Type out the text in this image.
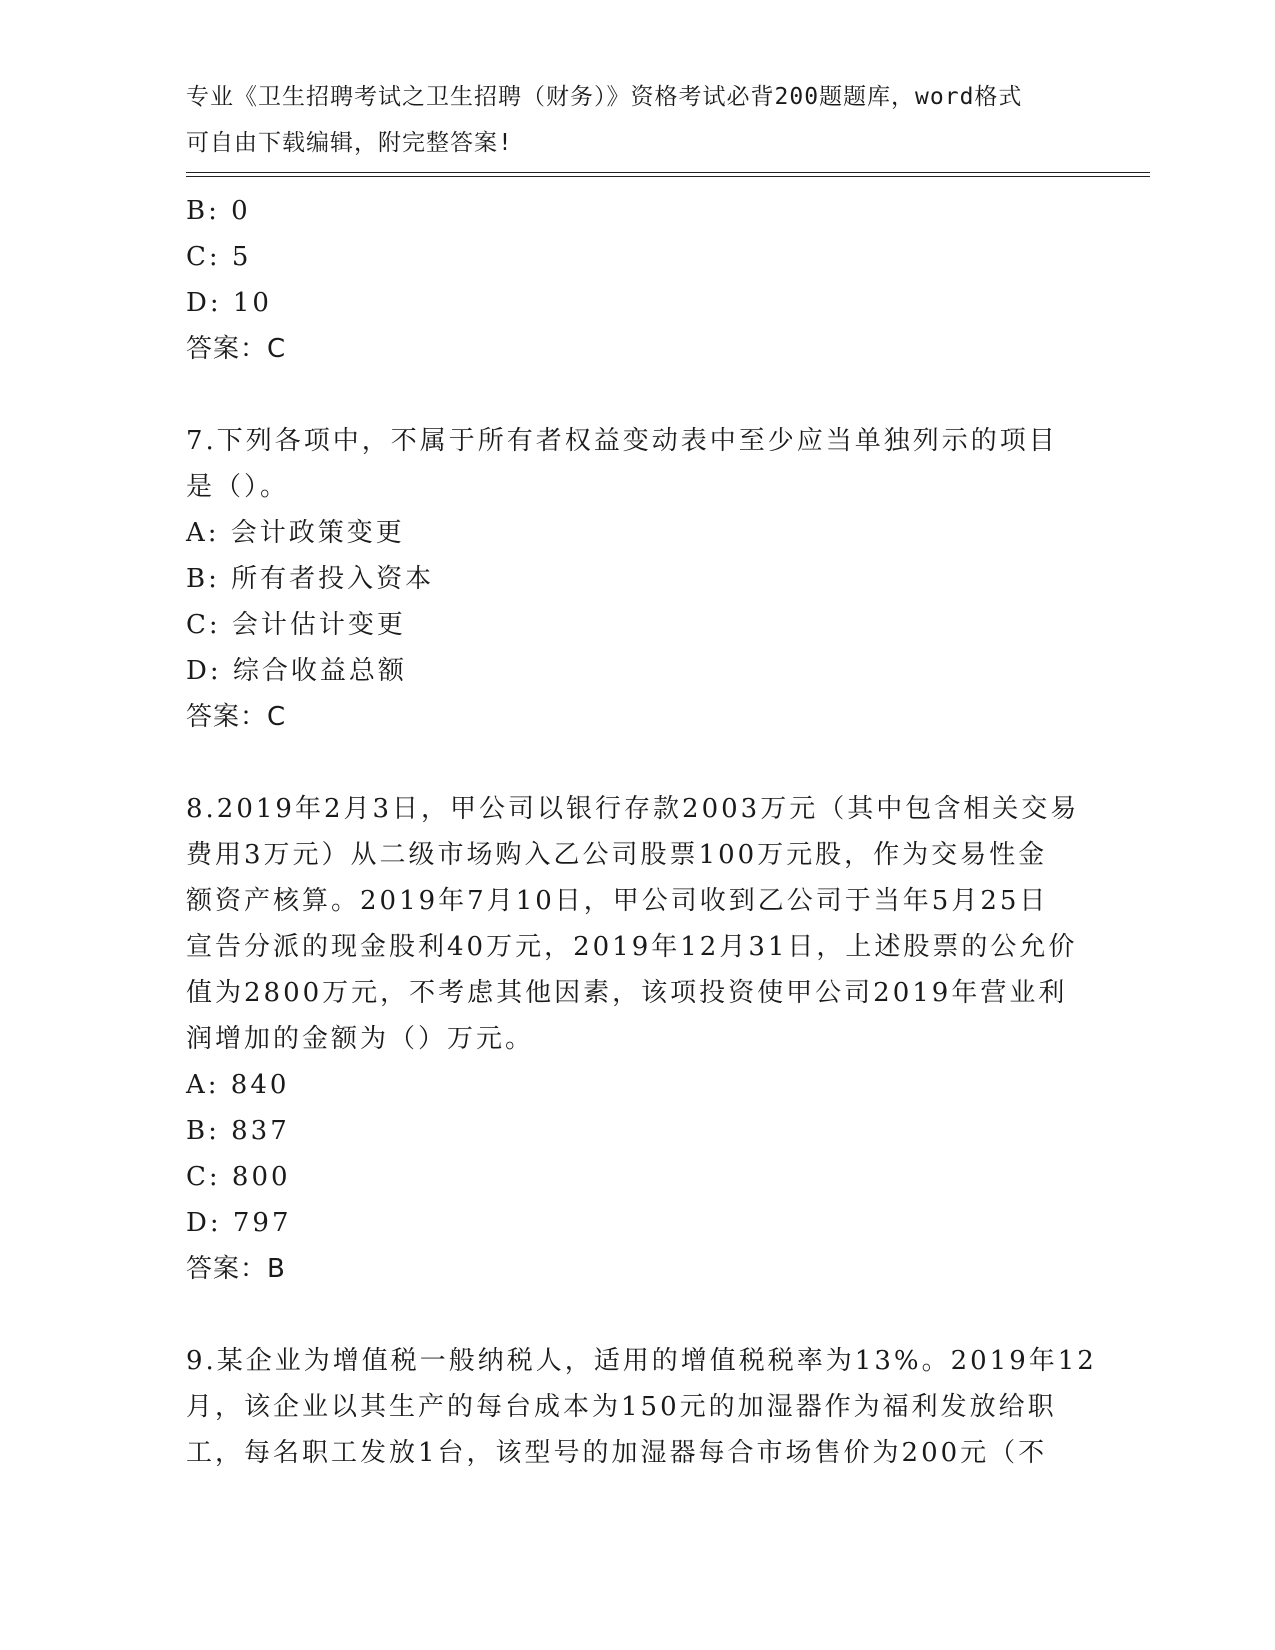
专业《卫生招聘考试之卫生招聘（财务）》资格考试必背200题题库，word格式
可自由下载编辑，附完整答案!
B: 0
C: 5
D: 10
答案：C
7.下列各项中，不属于所有者权益变动表中至少应当单独列示的项目
是（）。
A: 会计政策变更
B: 所有者投入资本
C: 会计估计变更
D: 综合收益总额
答案：C
8.2019年2月3日，甲公司以银行存款2003万元（其中包含相关交易
费用3万元）从二级市场购入乙公司股票100万元股，作为交易性金
额资产核算。2019年7月10日，甲公司收到乙公司于当年5月25日
宣告分派的现金股利40万元，2019年12月31日，上述股票的公允价
值为2800万元，不考虑其他因素，该项投资使甲公司2019年营业利
润增加的金额为（）万元。
A: 840
B: 837
C: 800
D: 797
答案：B
9.某企业为增值税一般纳税人，适用的增值税税率为13%。2019年12
月，该企业以其生产的每台成本为150元的加湿器作为福利发放给职
工，每名职工发放1台，该型号的加湿器每合市场售价为200元（不
